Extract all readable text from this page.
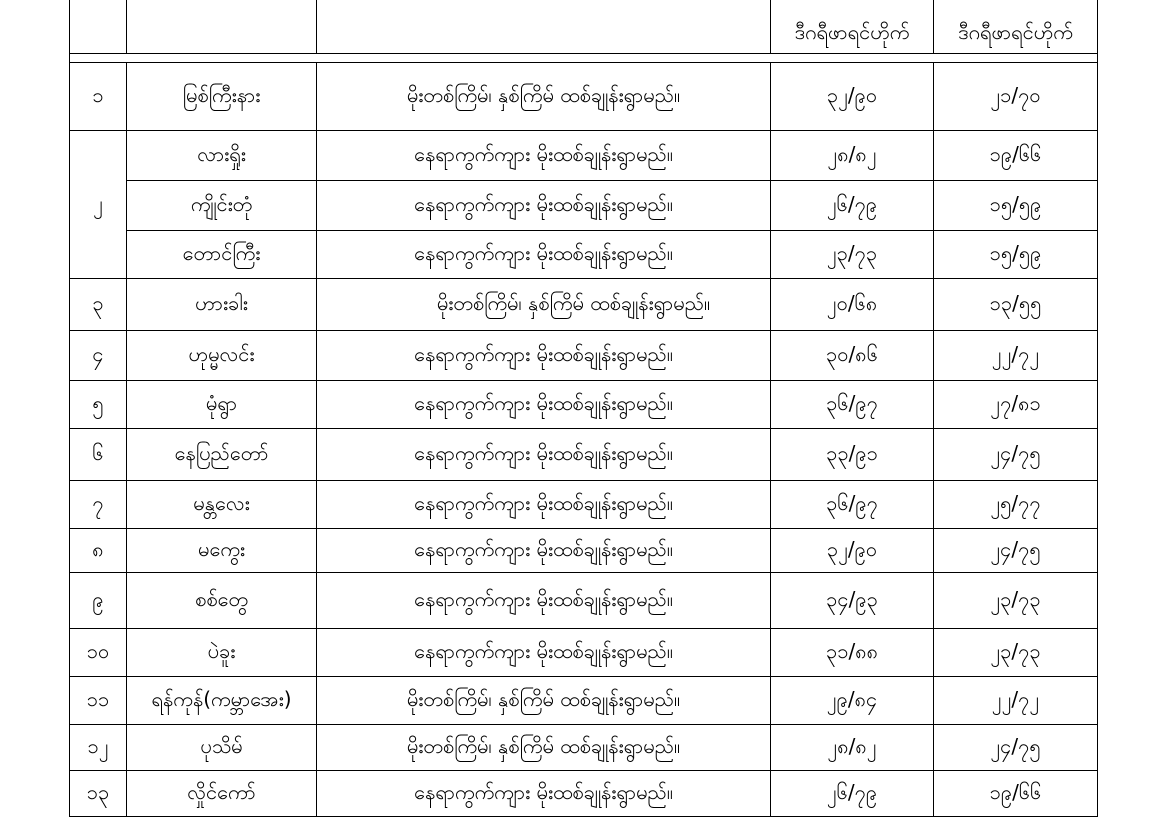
			ဒီဂရီဖာရင်ဟိုက်	ဒီဂရီဖာရင်ဟိုက်

၁	မြစ်ကြီးနား	မိုးတစ်ကြိမ်၊ နှစ်ကြိမ် ထစ်ချုန်းရွာမည်။	၃၂/၉၀	၂၁/၇၀
၂	လားရှိုး	နေရာကွက်ကျား မိုးထစ်ချုန်းရွာမည်။	၂၈/၈၂	၁၉/၆၆
	ကျိုင်းတုံ	နေရာကွက်ကျား မိုးထစ်ချုန်းရွာမည်။	၂၆/၇၉	၁၅/၅၉
	တောင်ကြီး	နေရာကွက်ကျား မိုးထစ်ချုန်းရွာမည်။	၂၃/၇၃	၁၅/၅၉
၃	ဟားခါး	မိုးတစ်ကြိမ်၊ နှစ်ကြိမ် ထစ်ချုန်းရွာမည်။	၂၀/၆၈	၁၃/၅၅
၄	ဟုမ္မလင်း	နေရာကွက်ကျား မိုးထစ်ချုန်းရွာမည်။	၃၀/၈၆	၂၂/၇၂
၅	မုံရွာ	နေရာကွက်ကျား မိုးထစ်ချုန်းရွာမည်။	၃၆/၉၇	၂၇/၈၁
၆	နေပြည်တော်	နေရာကွက်ကျား မိုးထစ်ချုန်းရွာမည်။	၃၃/၉၁	၂၄/၇၅
၇	မန္တလေး	နေရာကွက်ကျား မိုးထစ်ချုန်းရွာမည်။	၃၆/၉၇	၂၅/၇၇
၈	မကွေး	နေရာကွက်ကျား မိုးထစ်ချုန်းရွာမည်။	၃၂/၉၀	၂၄/၇၅
၉	စစ်တွေ	နေရာကွက်ကျား မိုးထစ်ချုန်းရွာမည်။	၃၄/၉၃	၂၃/၇၃
၁၀	ပဲခူး	နေရာကွက်ကျား မိုးထစ်ချုန်းရွာမည်။	၃၁/၈၈	၂၃/၇၃
၁၁	ရန်ကုန်(ကမ္ဘာအေး)	မိုးတစ်ကြိမ်၊ နှစ်ကြိမ် ထစ်ချုန်းရွာမည်။	၂၉/၈၄	၂၂/၇၂
၁၂	ပုသိမ်	မိုးတစ်ကြိမ်၊ နှစ်ကြိမ် ထစ်ချုန်းရွာမည်။	၂၈/၈၂	၂၄/၇၅
၁၃	လှိုင်ကော်	နေရာကွက်ကျား မိုးထစ်ချုန်းရွာမည်။	၂၆/၇၉	၁၉/၆၆
